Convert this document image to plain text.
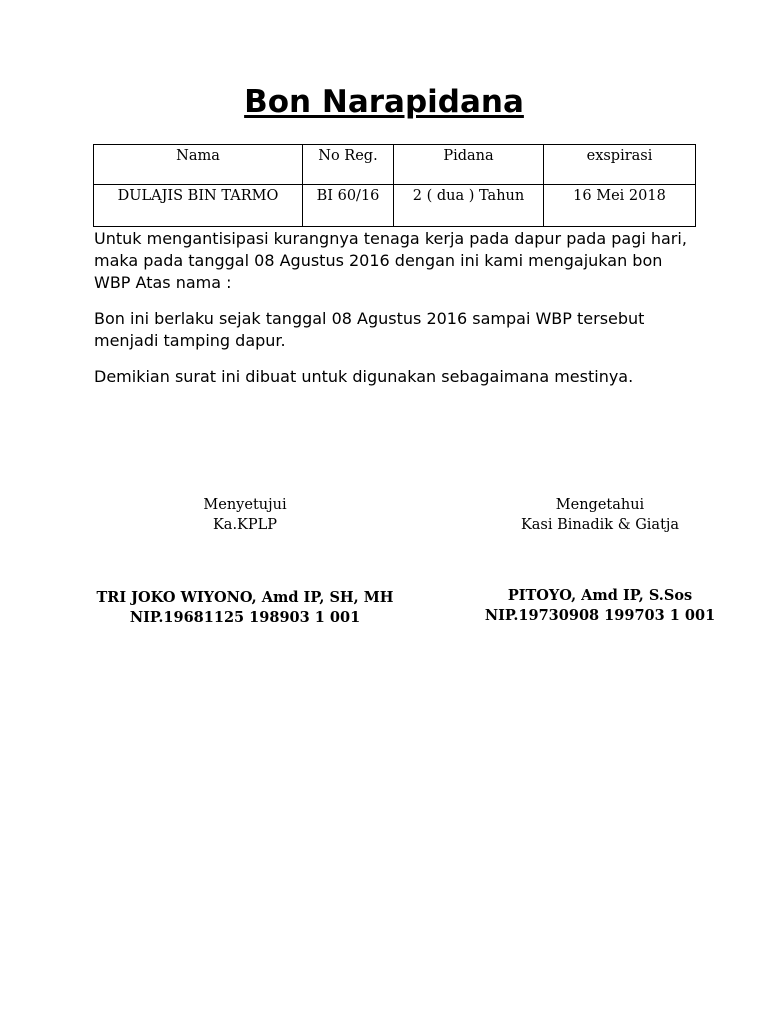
Bon Narapidana
Nama	No Reg.	Pidana	exspirasi
DULAJIS BIN TARMO	BI 60/16	2 ( dua ) Tahun	16 Mei 2018

Untuk mengantisipasi kurangnya tenaga kerja pada dapur pada pagi hari, maka pada tanggal 08 Agustus 2016 dengan ini kami mengajukan bon WBP Atas nama :

Bon ini berlaku sejak tanggal 08 Agustus 2016 sampai WBP tersebut menjadi tamping dapur.

Demikian surat ini dibuat untuk digunakan sebagaimana mestinya.

Menyetujui
Ka.KPLP
TRI JOKO WIYONO, Amd IP, SH, MH
NIP.19681125 198903 1 001
Mengetahui
Kasi Binadik & Giatja
PITOYO, Amd IP, S.Sos
NIP.19730908 199703 1 001
